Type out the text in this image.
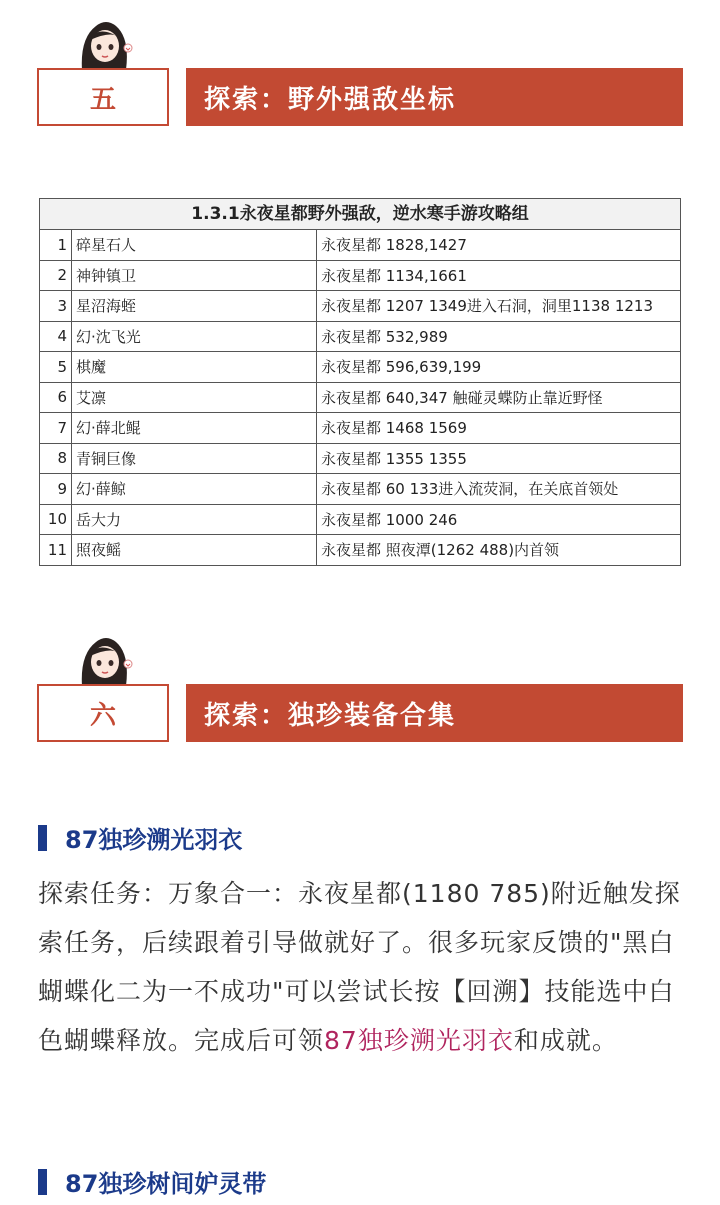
五	探索：野外强敌坐标
1.3.1永夜星都野外强敌，逆水寒手游攻略组
1	碎星石人	永夜星都 1828,1427
2	神钟镇卫	永夜星都 1134,1661
3	星沼海蛭	永夜星都 1207 1349进入石洞，洞里1138 1213
4	幻·沈飞光	永夜星都 532,989
5	棋魔	永夜星都 596,639,199
6	艾凛	永夜星都 640,347 触碰灵蝶防止靠近野怪
7	幻·薛北鲲	永夜星都 1468 1569
8	青铜巨像	永夜星都 1355 1355
9	幻·薛鲸	永夜星都 60 133进入流荧洞，在关底首领处
10	岳大力	永夜星都 1000 246
11	照夜鳐	永夜星都 照夜潭(1262 488)内首领
六	探索：独珍装备合集
87独珍溯光羽衣
探索任务：万象合一：永夜星都(1180 785)附近触发探索任务，后续跟着引导做就好了。很多玩家反馈的"黑白蝴蝶化二为一不成功"可以尝试长按【回溯】技能选中白色蝴蝶释放。完成后可领87独珍溯光羽衣和成就。
87独珍树间妒灵带
